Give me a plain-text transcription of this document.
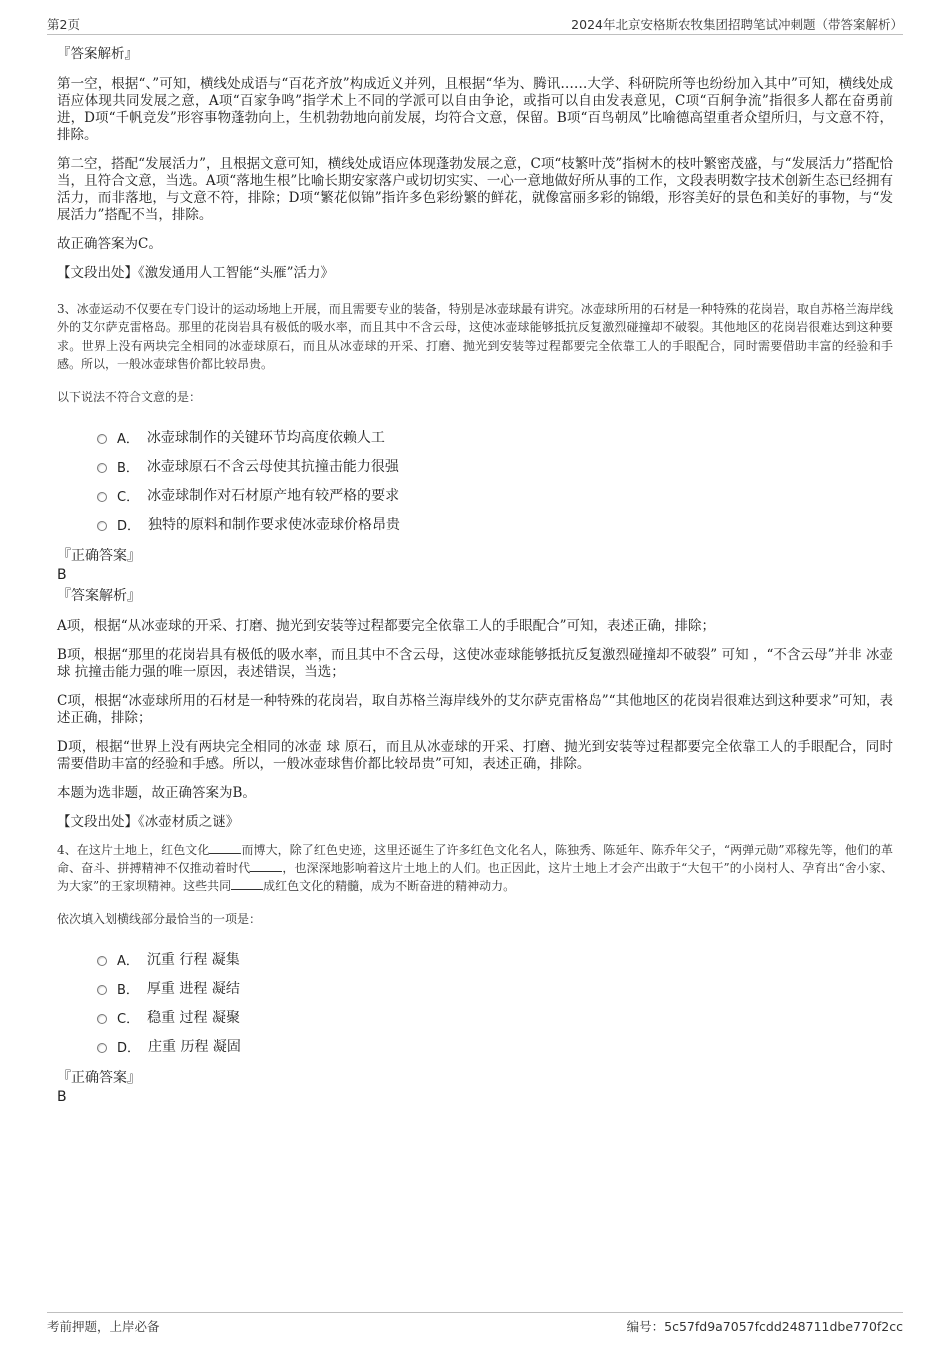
第2页	2024年北京安格斯农牧集团招聘笔试冲刺题（带答案解析）
『答案解析』
第一空，根据“、”可知，横线处成语与“百花齐放”构成近义并列，且根据“华为、腾讯……大学、科研院所等也纷纷加入其中”可知，横线处成语应体现共同发展之意，A项“百家争鸣”指学术上不同的学派可以自由争论，或指可以自由发表意见，C项“百舸争流”指很多人都在奋勇前进，D项“千帆竞发”形容事物蓬勃向上，生机勃勃地向前发展，均符合文意，保留。B项“百鸟朝凤”比喻德高望重者众望所归，与文意不符，排除。
第二空，搭配“发展活力”，且根据文意可知，横线处成语应体现蓬勃发展之意，C项“枝繁叶茂”指树木的枝叶繁密茂盛，与“发展活力”搭配恰当，且符合文意，当选。A项“落地生根”比喻长期安家落户或切切实实、一心一意地做好所从事的工作，文段表明数字技术创新生态已经拥有活力，而非落地，与文意不符，排除；D项“繁花似锦”指许多色彩纷繁的鲜花，就像富丽多彩的锦缎，形容美好的景色和美好的事物，与“发展活力”搭配不当，排除。
故正确答案为C。
【文段出处】《激发通用人工智能“头雁”活力》
3、冰壶运动不仅要在专门设计的运动场地上开展，而且需要专业的装备，特别是冰壶球最有讲究。冰壶球所用的石材是一种特殊的花岗岩，取自苏格兰海岸线外的艾尔萨克雷格岛。那里的花岗岩具有极低的吸水率，而且其中不含云母，这使冰壶球能够抵抗反复激烈碰撞却不破裂。其他地区的花岗岩很难达到这种要求。世界上没有两块完全相同的冰壶球原石，而且从冰壶球的开采、打磨、抛光到安装等过程都要完全依靠工人的手眼配合，同时需要借助丰富的经验和手感。所以，一般冰壶球售价都比较昂贵。
以下说法不符合文意的是：
A． 冰壶球制作的关键环节均高度依赖人工
B． 冰壶球原石不含云母使其抗撞击能力很强
C． 冰壶球制作对石材原产地有较严格的要求
D． 独特的原料和制作要求使冰壶球价格昂贵
『正确答案』
B
『答案解析』
A项，根据“从冰壶球的开采、打磨、抛光到安装等过程都要完全依靠工人的手眼配合”可知，表述正确，排除；
B项，根据“那里的花岗岩具有极低的吸水率，而且其中不含云母，这使冰壶球能够抵抗反复激烈碰撞却不破裂” 可知 ，“不含云母”并非 冰壶球 抗撞击能力强的唯一原因，表述错误，当选；
C项，根据“冰壶球所用的石材是一种特殊的花岗岩，取自苏格兰海岸线外的艾尔萨克雷格岛”“其他地区的花岗岩很难达到这种要求”可知，表述正确，排除；
D项，根据“世界上没有两块完全相同的冰壶 球 原石，而且从冰壶球的开采、打磨、抛光到安装等过程都要完全依靠工人的手眼配合，同时需要借助丰富的经验和手感。所以，一般冰壶球售价都比较昂贵”可知，表述正确，排除。
本题为选非题，故正确答案为B。
【文段出处】《冰壶材质之谜》
4、在这片土地上，红色文化	而博大，除了红色史迹，这里还诞生了许多红色文化名人，陈独秀、陈延年、陈乔年父子，“两弹元勋”邓稼先等，他们的革命、奋斗、拼搏精神不仅推动着时代	，也深深地影响着这片土地上的人们。也正因此，这片土地上才会产出敢于“大包干”的小岗村人、孕育出“舍小家、为大家”的王家坝精神。这些共同	成红色文化的精髓，成为不断奋进的精神动力。
依次填入划横线部分最恰当的一项是：
A． 沉重 行程 凝集
B． 厚重 进程 凝结
C． 稳重 过程 凝聚
D． 庄重 历程 凝固
『正确答案』
B
考前押题，上岸必备	编号：5c57fd9a7057fcdd248711dbe770f2cc
